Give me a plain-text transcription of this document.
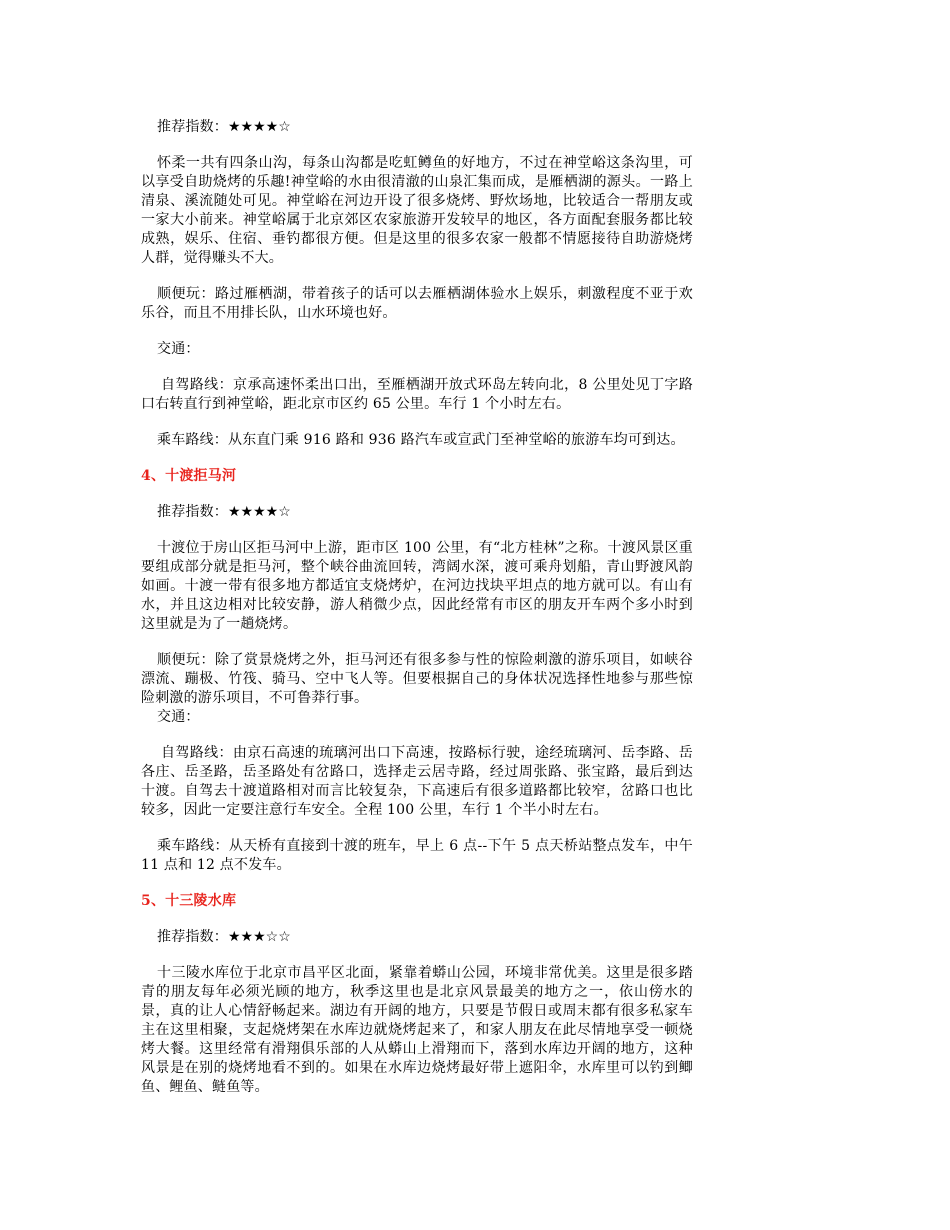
推荐指数：★★★★☆

怀柔一共有四条山沟，每条山沟都是吃虹鳟鱼的好地方，不过在神堂峪这条沟里，可以享受自助烧烤的乐趣!神堂峪的水由很清澈的山泉汇集而成，是雁栖湖的源头。一路上清泉、溪流随处可见。神堂峪在河边开设了很多烧烤、野炊场地，比较适合一帮朋友或一家大小前来。神堂峪属于北京郊区农家旅游开发较早的地区，各方面配套服务都比较成熟，娱乐、住宿、垂钓都很方便。但是这里的很多农家一般都不情愿接待自助游烧烤人群，觉得赚头不大。

顺便玩：路过雁栖湖，带着孩子的话可以去雁栖湖体验水上娱乐，刺激程度不亚于欢乐谷，而且不用排长队，山水环境也好。

交通：

自驾路线：京承高速怀柔出口出，至雁栖湖开放式环岛左转向北，8 公里处见丁字路口右转直行到神堂峪，距北京市区约 65 公里。车行 1 个小时左右。

乘车路线：从东直门乘 916 路和 936 路汽车或宣武门至神堂峪的旅游车均可到达。

4、十渡拒马河

推荐指数：★★★★☆

十渡位于房山区拒马河中上游，距市区 100 公里，有“北方桂林”之称。十渡风景区重要组成部分就是拒马河，整个峡谷曲流回转，湾阔水深，渡可乘舟划船，青山野渡风韵如画。十渡一带有很多地方都适宜支烧烤炉，在河边找块平坦点的地方就可以。有山有水，并且这边相对比较安静，游人稍微少点，因此经常有市区的朋友开车两个多小时到这里就是为了一趟烧烤。

顺便玩：除了赏景烧烤之外，拒马河还有很多参与性的惊险刺激的游乐项目，如峡谷漂流、蹦极、竹筏、骑马、空中飞人等。但要根据自己的身体状况选择性地参与那些惊险刺激的游乐项目，不可鲁莽行事。

交通：

自驾路线：由京石高速的琉璃河出口下高速，按路标行驶，途经琉璃河、岳李路、岳各庄、岳圣路，岳圣路处有岔路口，选择走云居寺路，经过周张路、张宝路，最后到达十渡。自驾去十渡道路相对而言比较复杂，下高速后有很多道路都比较窄，岔路口也比较多，因此一定要注意行车安全。全程 100 公里，车行 1 个半小时左右。

乘车路线：从天桥有直接到十渡的班车，早上 6 点--下午 5 点天桥站整点发车，中午 11 点和 12 点不发车。

5、十三陵水库

推荐指数：★★★☆☆

十三陵水库位于北京市昌平区北面，紧靠着蟒山公园，环境非常优美。这里是很多踏青的朋友每年必须光顾的地方，秋季这里也是北京风景最美的地方之一，依山傍水的景，真的让人心情舒畅起来。湖边有开阔的地方，只要是节假日或周末都有很多私家车主在这里相聚，支起烧烤架在水库边就烧烤起来了，和家人朋友在此尽情地享受一顿烧烤大餐。这里经常有滑翔俱乐部的人从蟒山上滑翔而下，落到水库边开阔的地方，这种风景是在别的烧烤地看不到的。如果在水库边烧烤最好带上遮阳伞，水库里可以钓到鲫鱼、鲤鱼、鲢鱼等。
